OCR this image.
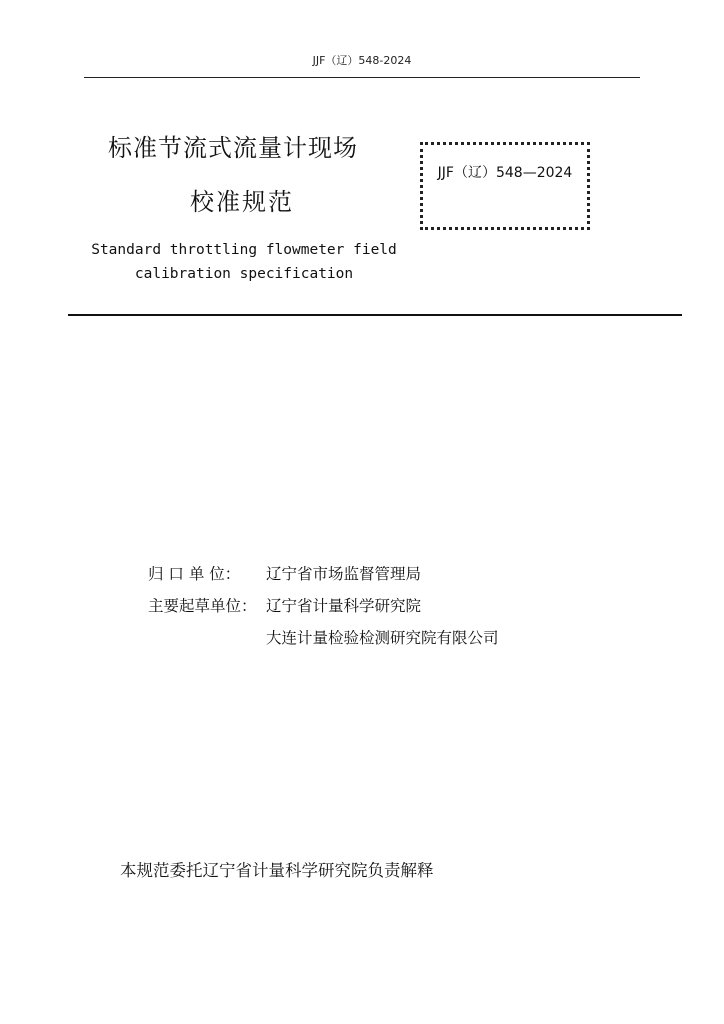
JJF（辽）548-2024
标准节流式流量计现场
校准规范
JJF（辽）548—2024
Standard throttling flowmeter field
calibration specification
归 口 单 位： 辽宁省市场监督管理局
主要起草单位： 辽宁省计量科学研究院
大连计量检验检测研究院有限公司
本规范委托辽宁省计量科学研究院负责解释
